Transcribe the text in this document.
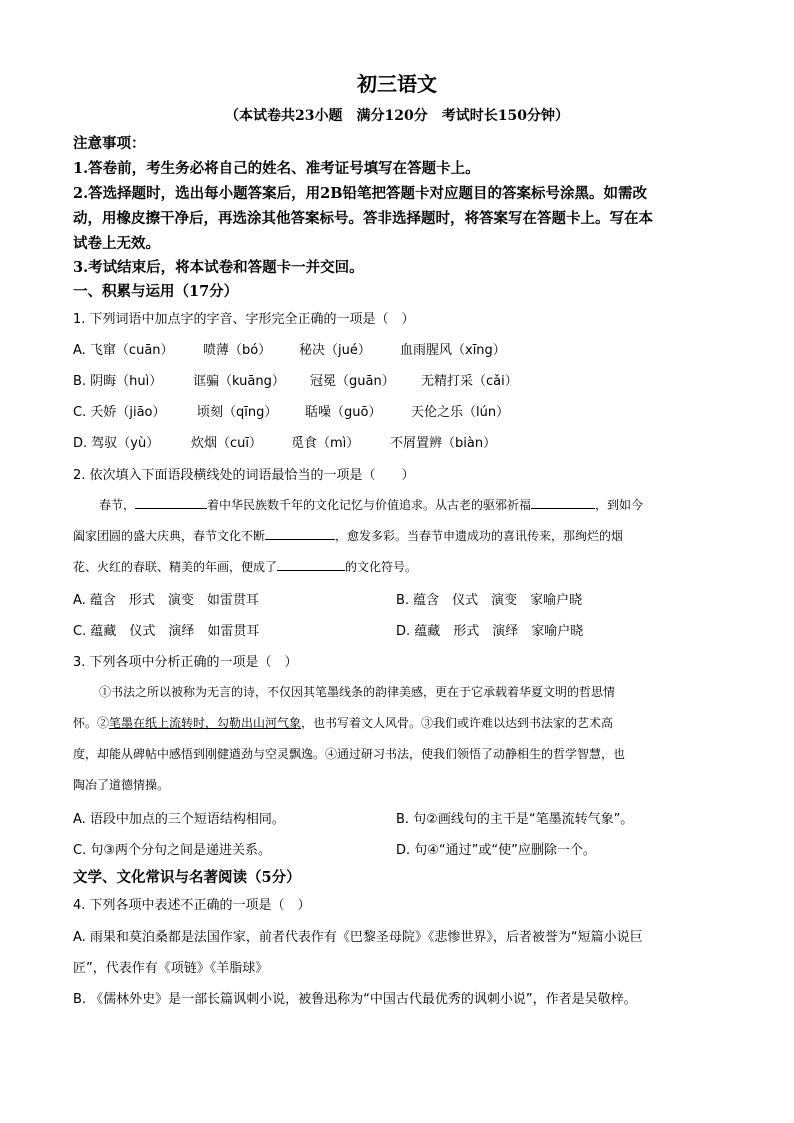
初三语文
（本试卷共23小题　满分120分　考试时长150分钟）
注意事项：
1.答卷前，考生务必将自己的姓名、准考证号填写在答题卡上。
2.答选择题时，选出每小题答案后，用2B铅笔把答题卡对应题目的答案标号涂黑。如需改
动，用橡皮擦干净后，再选涂其他答案标号。答非选择题时，将答案写在答题卡上。写在本
试卷上无效。
3.考试结束后，将本试卷和答题卡一并交回。
一、积累与运用（17分）
1. 下列词语中加点字的字音、字形完全正确的一项是（　）
A. 飞窜（cuān） 喷薄（bó） 秘决（jué） 血雨腥风（xīng）
B. 阴晦（huì） 诓骗（kuāng） 冠冕（guān） 无精打采（cǎi）
C. 夭娇（jiāo） 顷刻（qīng） 聒噪（guō） 天伦之乐（lún）
D. 驾驭（yù） 炊烟（cuī） 觅食（mì） 不屑置辨（biàn）
2. 依次填入下面语段横线处的词语最恰当的一项是（　　）
春节，	着中华民族数千年的文化记忆与价值追求。从古老的驱邪祈福	，到如今
阖家团圆的盛大庆典，春节文化不断	，愈发多彩。当春节申遗成功的喜讯传来，那绚烂的烟
花、火红的春联、精美的年画，便成了	的文化符号。
A. 蕴含　形式　演变　如雷贯耳	B. 蕴含　仪式　演变　家喻户晓
C. 蕴藏　仪式　演绎　如雷贯耳	D. 蕴藏　形式　演绎　家喻户晓
3. 下列各项中分析正确的一项是（　）
①书法之所以被称为无言的诗，不仅因其笔墨线条的韵律美感，更在于它承载着华夏文明的哲思情
怀。②笔墨在纸上流转时，勾勒出山河气象，也书写着文人风骨。③我们或许难以达到书法家的艺术高
度，却能从碑帖中感悟到刚健遒劲与空灵飘逸。④通过研习书法，使我们领悟了动静相生的哲学智慧，也
陶冶了道德情操。
A. 语段中加点的三个短语结构相同。	B. 句②画线句的主干是“笔墨流转气象”。
C. 句③两个分句之间是递进关系。	D. 句④“通过”或“使”应删除一个。
文学、文化常识与名著阅读（5分）
4. 下列各项中表述不正确的一项是（　）
A. 雨果和莫泊桑都是法国作家，前者代表作有《巴黎圣母院》《悲惨世界》，后者被誉为“短篇小说巨
匠”，代表作有《项链》《羊脂球》
B. 《儒林外史》是一部长篇讽刺小说，被鲁迅称为“中国古代最优秀的讽刺小说”，作者是吴敬梓。
